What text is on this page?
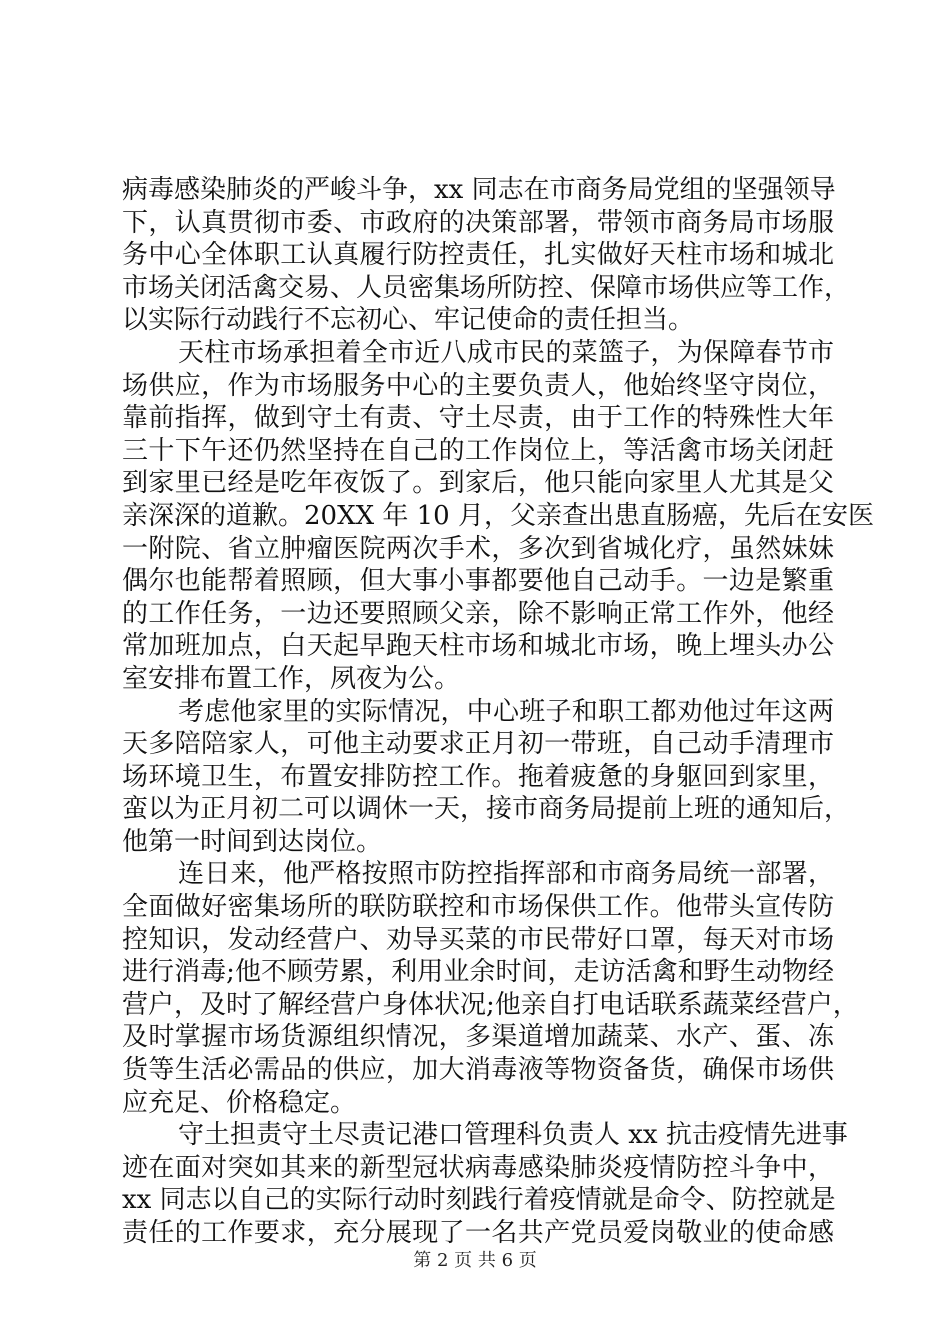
病毒感染肺炎的严峻斗争，xx 同志在市商务局党组的坚强领导
下，认真贯彻市委、市政府的决策部署，带领市商务局市场服
务中心全体职工认真履行防控责任，扎实做好天柱市场和城北
市场关闭活禽交易、人员密集场所防控、保障市场供应等工作，
以实际行动践行不忘初心、牢记使命的责任担当。
天柱市场承担着全市近八成市民的菜篮子，为保障春节市
场供应，作为市场服务中心的主要负责人，他始终坚守岗位，
靠前指挥，做到守土有责、守土尽责，由于工作的特殊性大年
三十下午还仍然坚持在自己的工作岗位上，等活禽市场关闭赶
到家里已经是吃年夜饭了。到家后，他只能向家里人尤其是父
亲深深的道歉。20XX 年 10 月，父亲查出患直肠癌，先后在安医
一附院、省立肿瘤医院两次手术，多次到省城化疗，虽然妹妹
偶尔也能帮着照顾，但大事小事都要他自己动手。一边是繁重
的工作任务，一边还要照顾父亲，除不影响正常工作外，他经
常加班加点，白天起早跑天柱市场和城北市场，晚上埋头办公
室安排布置工作，夙夜为公。
考虑他家里的实际情况，中心班子和职工都劝他过年这两
天多陪陪家人，可他主动要求正月初一带班，自己动手清理市
场环境卫生，布置安排防控工作。拖着疲惫的身躯回到家里，
蛮以为正月初二可以调休一天，接市商务局提前上班的通知后，
他第一时间到达岗位。
连日来，他严格按照市防控指挥部和市商务局统一部署，
全面做好密集场所的联防联控和市场保供工作。他带头宣传防
控知识，发动经营户、劝导买菜的市民带好口罩，每天对市场
进行消毒;他不顾劳累，利用业余时间，走访活禽和野生动物经
营户，及时了解经营户身体状况;他亲自打电话联系蔬菜经营户，
及时掌握市场货源组织情况，多渠道增加蔬菜、水产、蛋、冻
货等生活必需品的供应，加大消毒液等物资备货，确保市场供
应充足、价格稳定。
守土担责守土尽责记港口管理科负责人 xx 抗击疫情先进事
迹在面对突如其来的新型冠状病毒感染肺炎疫情防控斗争中，
xx 同志以自己的实际行动时刻践行着疫情就是命令、防控就是
责任的工作要求，充分展现了一名共产党员爱岗敬业的使命感
第 2 页 共 6 页
